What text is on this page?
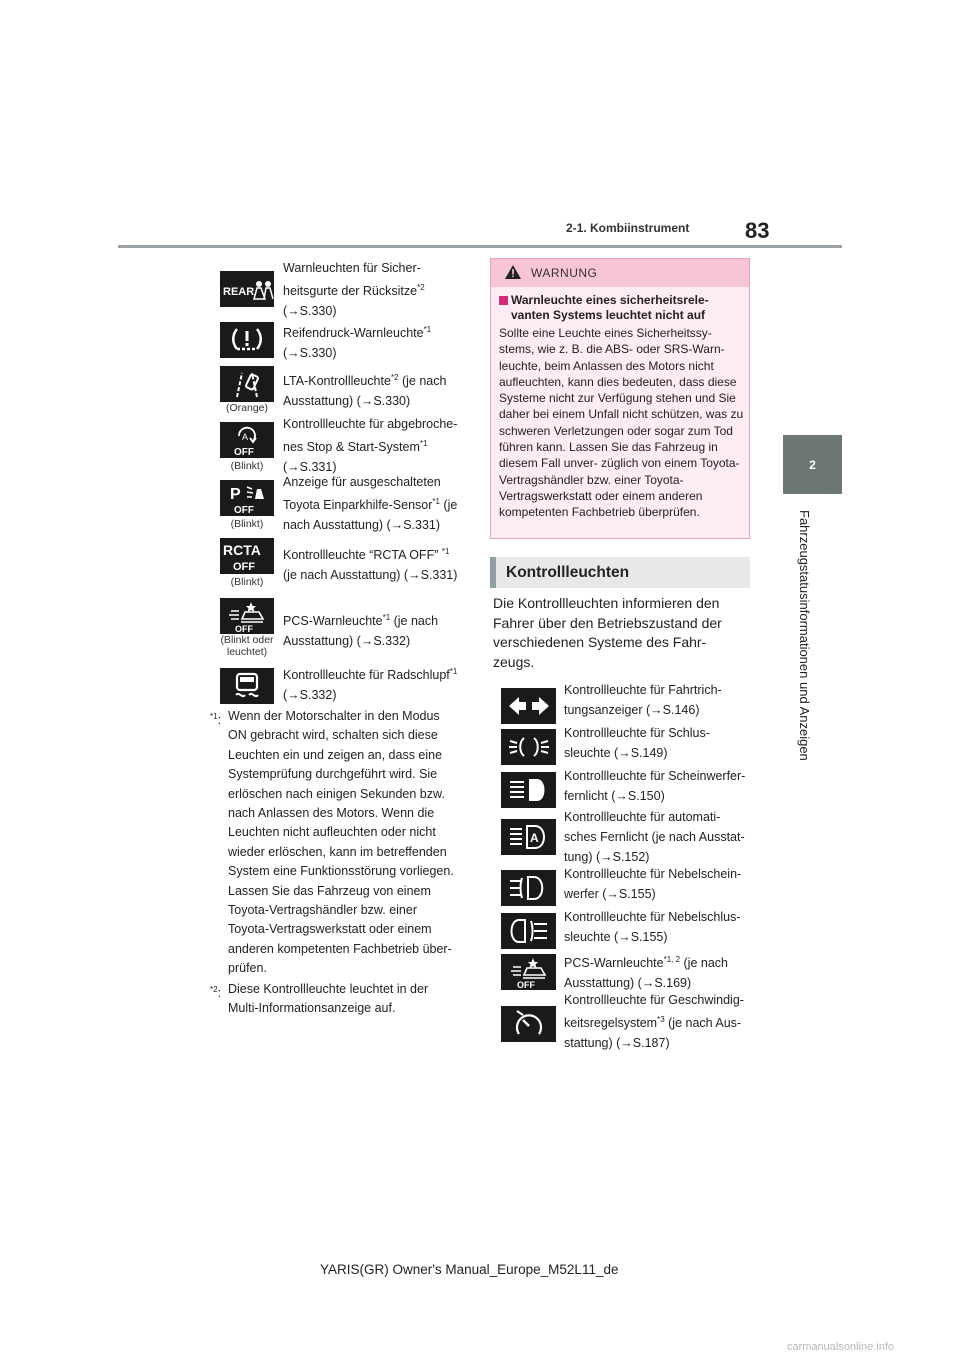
2-1. Kombiinstrument	83
2
Fahrzeugstatusinformationen und Anzeigen
REAR
Warnleuchten für Sicher-
heitsgurte der Rücksitze$^{*2}$
(→S.330)
Reifendruck-Warnleuchte$^{*1}$
(→S.330)
(Orange)
LTA-Kontrollleuchte$^{*2}$ (je nach
Ausstattung) (→S.330)
A
OFF
(Blinkt)
Kontrollleuchte für abgebroche-
nes Stop & Start-System$^{*1}$
(→S.331)
P
OFF
(Blinkt)
Anzeige für ausgeschalteten
Toyota Einparkhilfe-Sensor$^{*1}$ (je
nach Ausstattung) (→S.331)
RCTA
OFF
(Blinkt)
Kontrollleuchte “RCTA OFF” $^{*1}$
(je nach Ausstattung) (→S.331)
OFF
(Blinkt oder leuchtet)
PCS-Warnleuchte$^{*1}$ (je nach
Ausstattung) (→S.332)
Kontrollleuchte für Radschlupf$^{*1}$
(→S.332)
$^{*1}$: Wenn der Motorschalter in den Modus
ON gebracht wird, schalten sich diese
Leuchten ein und zeigen an, dass eine
Systemprüfung durchgeführt wird. Sie
erlöschen nach einigen Sekunden bzw.
nach Anlassen des Motors. Wenn die
Leuchten nicht aufleuchten oder nicht
wieder erlöschen, kann im betreffenden
System eine Funktionsstörung vorliegen.
Lassen Sie das Fahrzeug von einem
Toyota-Vertragshändler bzw. einer
Toyota-Vertragswerkstatt oder einem
anderen kompetenten Fachbetrieb über-
prüfen.
$^{*2}$: Diese Kontrollleuchte leuchtet in der
Multi-Informationsanzeige auf.
WARNUNG
Warnleuchte eines sicherheitsrele- vanten Systems leuchtet nicht auf
Sollte eine Leuchte eines Sicherheitssy- stems, wie z. B. die ABS- oder SRS-Warn- leuchte, beim Anlassen des Motors nicht aufleuchten, kann dies bedeuten, dass diese Systeme nicht zur Verfügung stehen und Sie daher bei einem Unfall nicht schützen, was zu schweren Verletzungen oder sogar zum Tod führen kann. Lassen Sie das Fahrzeug in diesem Fall unver- züglich von einem Toyota-Vertragshändler bzw. einer Toyota-Vertragswerkstatt oder einem anderen kompetenten Fachbetrieb überprüfen.
Kontrollleuchten
Die Kontrollleuchten informieren den Fahrer über den Betriebszustand der verschiedenen Systeme des Fahr- zeugs.
Kontrollleuchte für Fahrtrich-
tungsanzeiger (→S.146)
Kontrollleuchte für Schlus-
sleuchte (→S.149)
Kontrollleuchte für Scheinwerfer-
fernlicht (→S.150)
A
Kontrollleuchte für automati-
sches Fernlicht (je nach Ausstat-
tung) (→S.152)
Kontrollleuchte für Nebelschein-
werfer (→S.155)
Kontrollleuchte für Nebelschlus-
sleuchte (→S.155)
OFF
PCS-Warnleuchte$^{*1, 2}$ (je nach
Ausstattung) (→S.169)
Kontrollleuchte für Geschwindig-
keitsregelsystem$^{*3}$ (je nach Aus-
stattung) (→S.187)
YARIS(GR) Owner's Manual_Europe_M52L11_de
carmanualsonline.info
